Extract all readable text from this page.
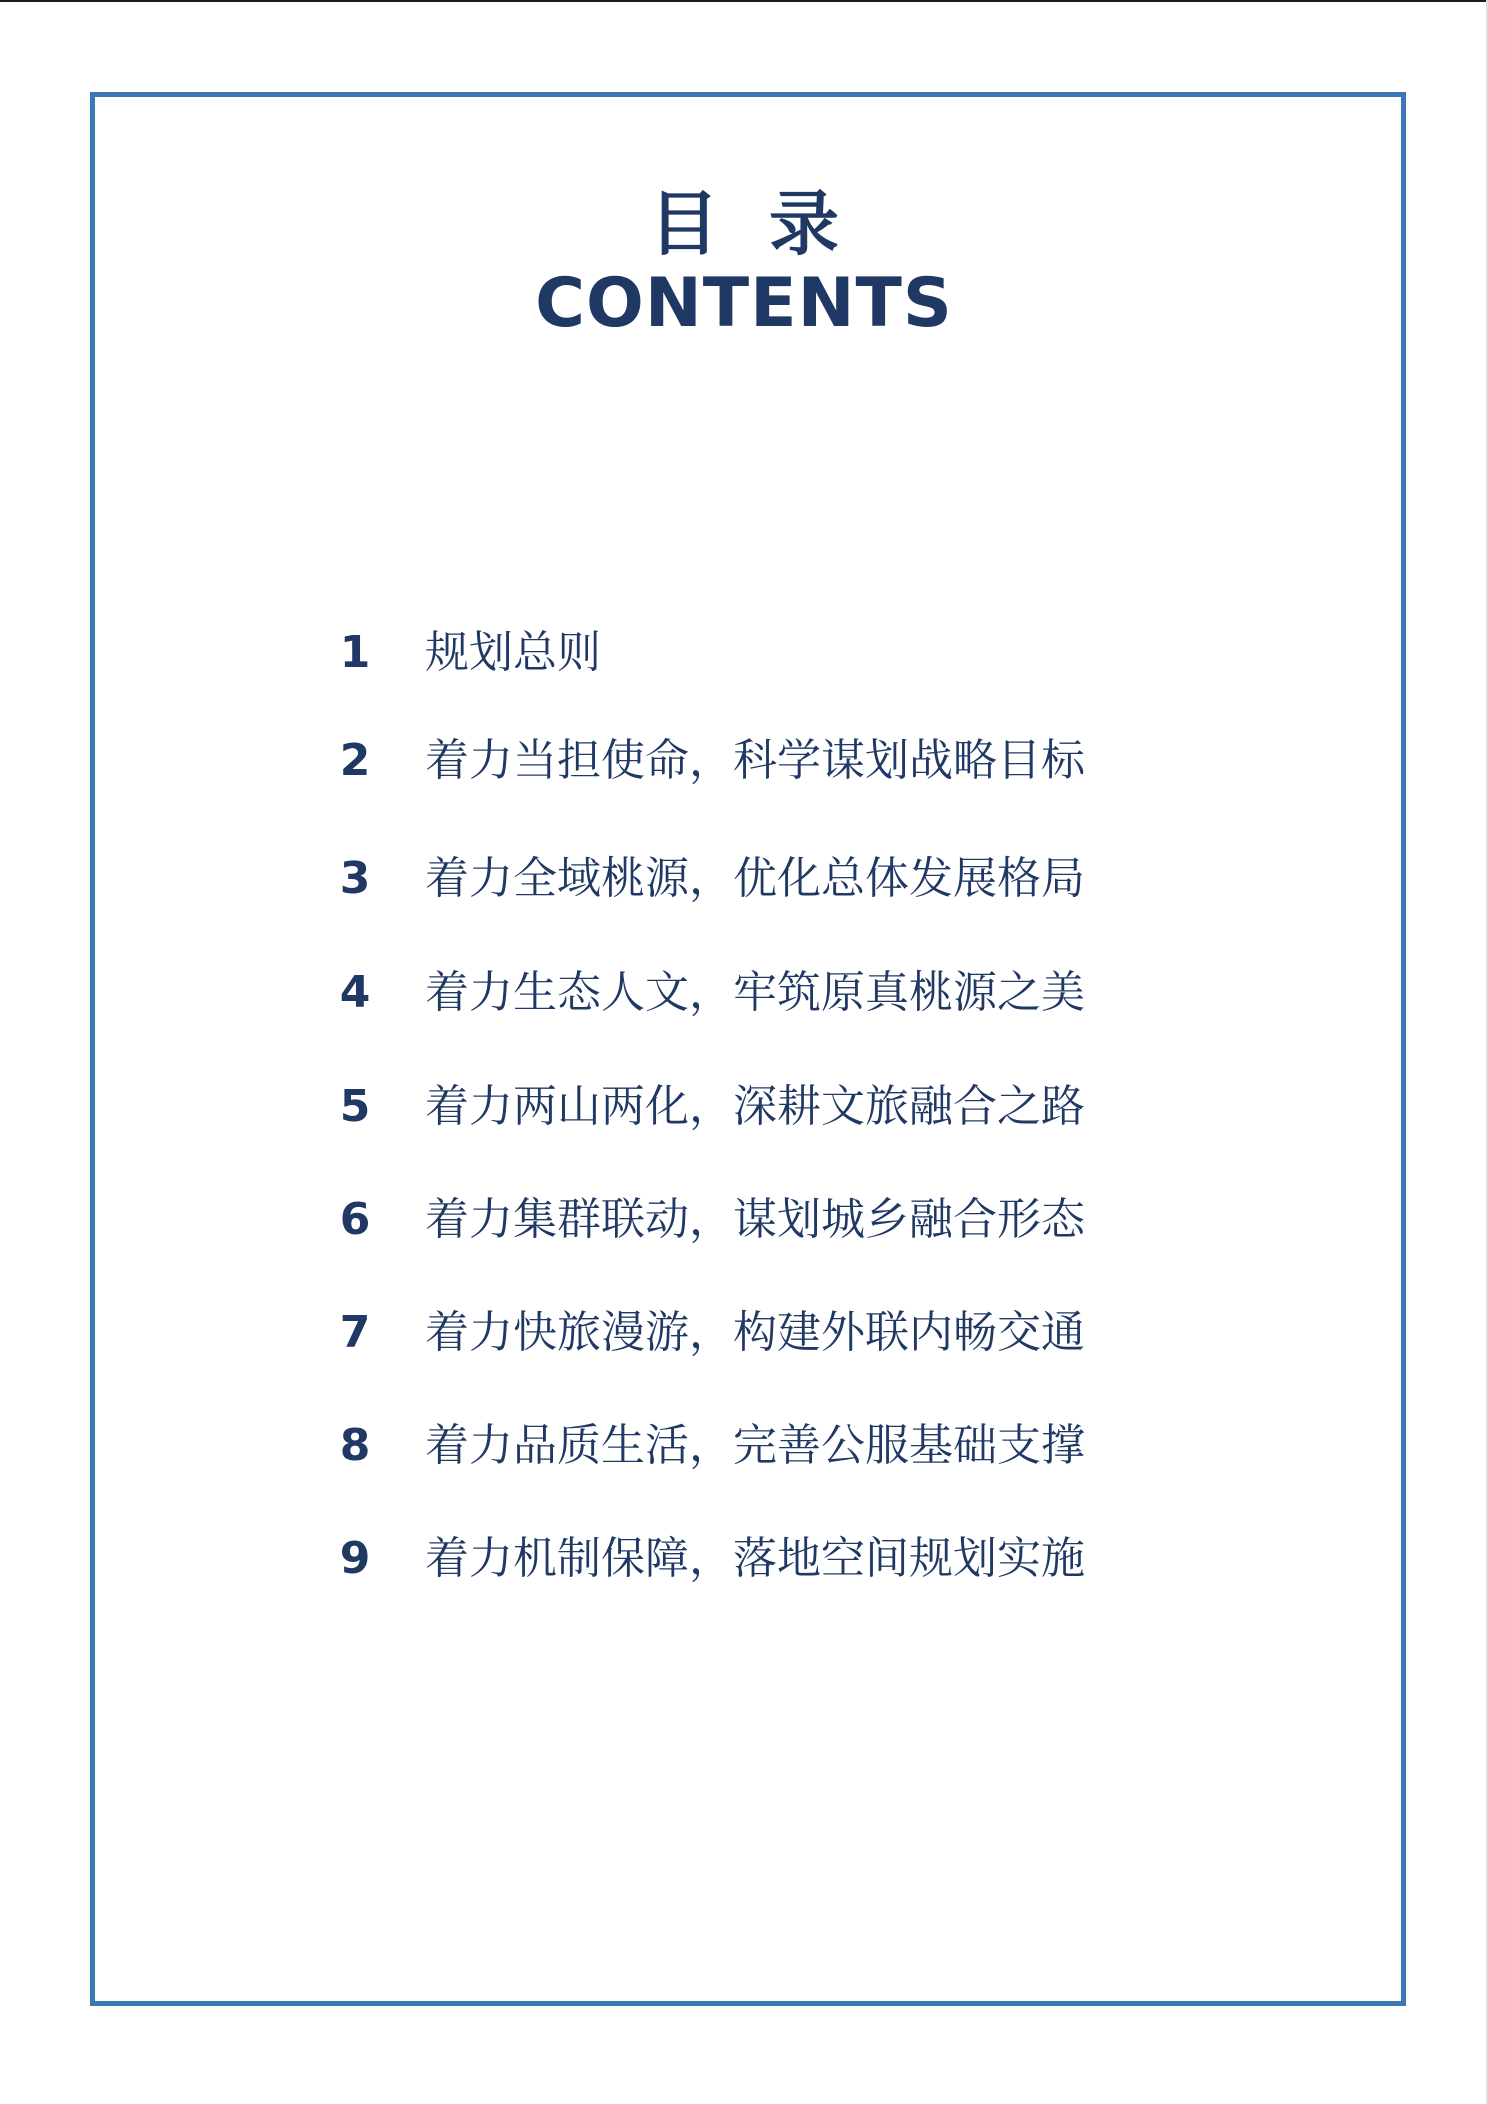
目录
CONTENTS
1 规划总则
2 着力当担使命，科学谋划战略目标
3 着力全域桃源，优化总体发展格局
4 着力生态人文，牢筑原真桃源之美
5 着力两山两化，深耕文旅融合之路
6 着力集群联动，谋划城乡融合形态
7 着力快旅漫游，构建外联内畅交通
8 着力品质生活，完善公服基础支撑
9 着力机制保障，落地空间规划实施
